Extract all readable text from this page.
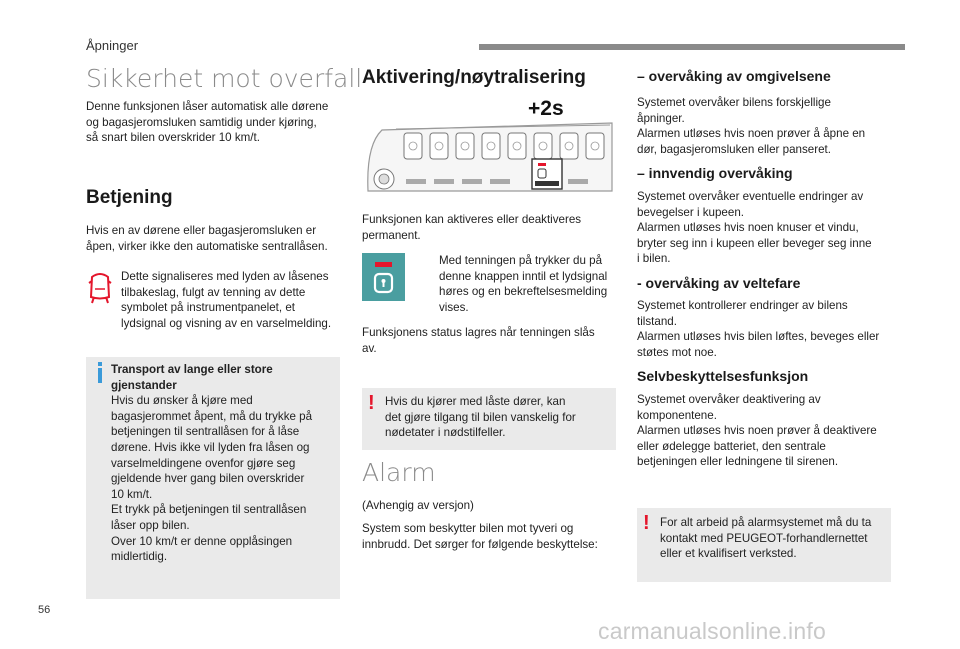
Åpninger
Sikkerhet mot overfall
Denne funksjonen låser automatisk alle dørene
og bagasjeromsluken samtidig under kjøring,
så snart bilen overskrider 10 km/t.
Betjening
Hvis en av dørene eller bagasjeromsluken er
åpen, virker ikke den automatiske sentrallåsen.
Dette signaliseres med lyden av låsenes
tilbakeslag, fulgt av tenning av dette
symbolet på instrumentpanelet, et
lydsignal og visning av en varselmelding.
Transport av lange eller store
gjenstander
Hvis du ønsker å kjøre med
bagasjerommet åpent, må du trykke på
betjeningen til sentrallåsen for å låse
dørene. Hvis ikke vil lyden fra låsen og
varselmeldingene ovenfor gjøre seg
gjeldende hver gang bilen overskrider
10 km/t.
Et trykk på betjeningen til sentrallåsen
låser opp bilen.
Over 10 km/t er denne opplåsingen
midlertidig.
Aktivering/nøytralisering
+2s
Funksjonen kan aktiveres eller deaktiveres
permanent.
Med tenningen på trykker du på
denne knappen inntil et lydsignal
høres og en bekreftelsesmelding
vises.
Funksjonens status lagres når tenningen slås
av.
! Hvis du kjører med låste dører, kan
det gjøre tilgang til bilen vanskelig for
nødetater i nødstilfeller.
Alarm
(Avhengig av versjon)
System som beskytter bilen mot tyveri og
innbrudd. Det sørger for følgende beskyttelse:
– overvåking av omgivelsene
Systemet overvåker bilens forskjellige
åpninger.
Alarmen utløses hvis noen prøver å åpne en
dør, bagasjeromsluken eller panseret.
– innvendig overvåking
Systemet overvåker eventuelle endringer av
bevegelser i kupeen.
Alarmen utløses hvis noen knuser et vindu,
bryter seg inn i kupeen eller beveger seg inne
i bilen.
- overvåking av veltefare
Systemet kontrollerer endringer av bilens
tilstand.
Alarmen utløses hvis bilen løftes, beveges eller
støtes mot noe.
Selvbeskyttelsesfunksjon
Systemet overvåker deaktivering av
komponentene.
Alarmen utløses hvis noen prøver å deaktivere
eller ødelegge batteriet, den sentrale
betjeningen eller ledningene til sirenen.
! For alt arbeid på alarmsystemet må du ta
kontakt med PEUGEOT-forhandlernettet
eller et kvalifisert verksted.
56
carmanualsonline.info
